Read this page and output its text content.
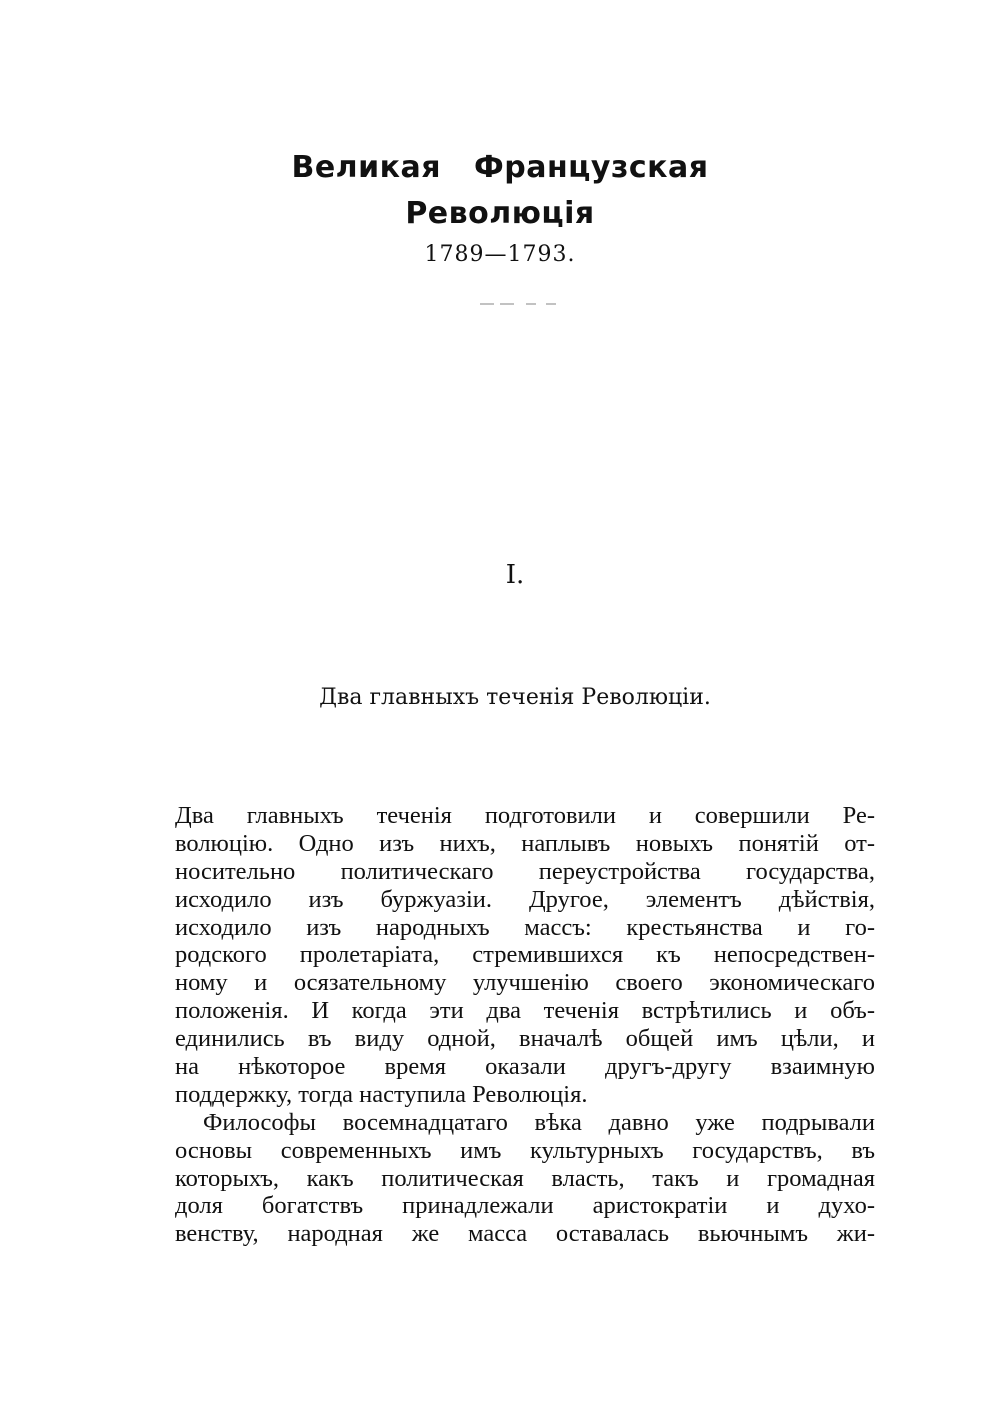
Великая Французская
Революція
1789—1793.
I.
Два главныхъ теченія Революціи.
Два главныхъ теченія подготовили и совершили Ре-
волюцію. Одно изъ нихъ, наплывъ новыхъ понятій от-
носительно политическаго переустройства государства,
исходило изъ буржуазіи. Другое, элементъ дѣйствія,
исходило изъ народныхъ массъ: крестьянства и го-
родского пролетаріата, стремившихся къ непосредствен-
ному и осязательному улучшенію своего экономическаго
положенія. И когда эти два теченія встрѣтились и объ-
единились въ виду одной, вначалѣ общей имъ цѣли, и
на нѣкоторое время оказали другъ-другу взаимную
поддержку, тогда наступила Революція.
Философы восемнадцатаго вѣка давно уже подрывали
основы современныхъ имъ культурныхъ государствъ, въ
которыхъ, какъ политическая власть, такъ и громадная
доля богатствъ принадлежали аристократіи и духо-
венству, народная же масса оставалась вьючнымъ жи-
